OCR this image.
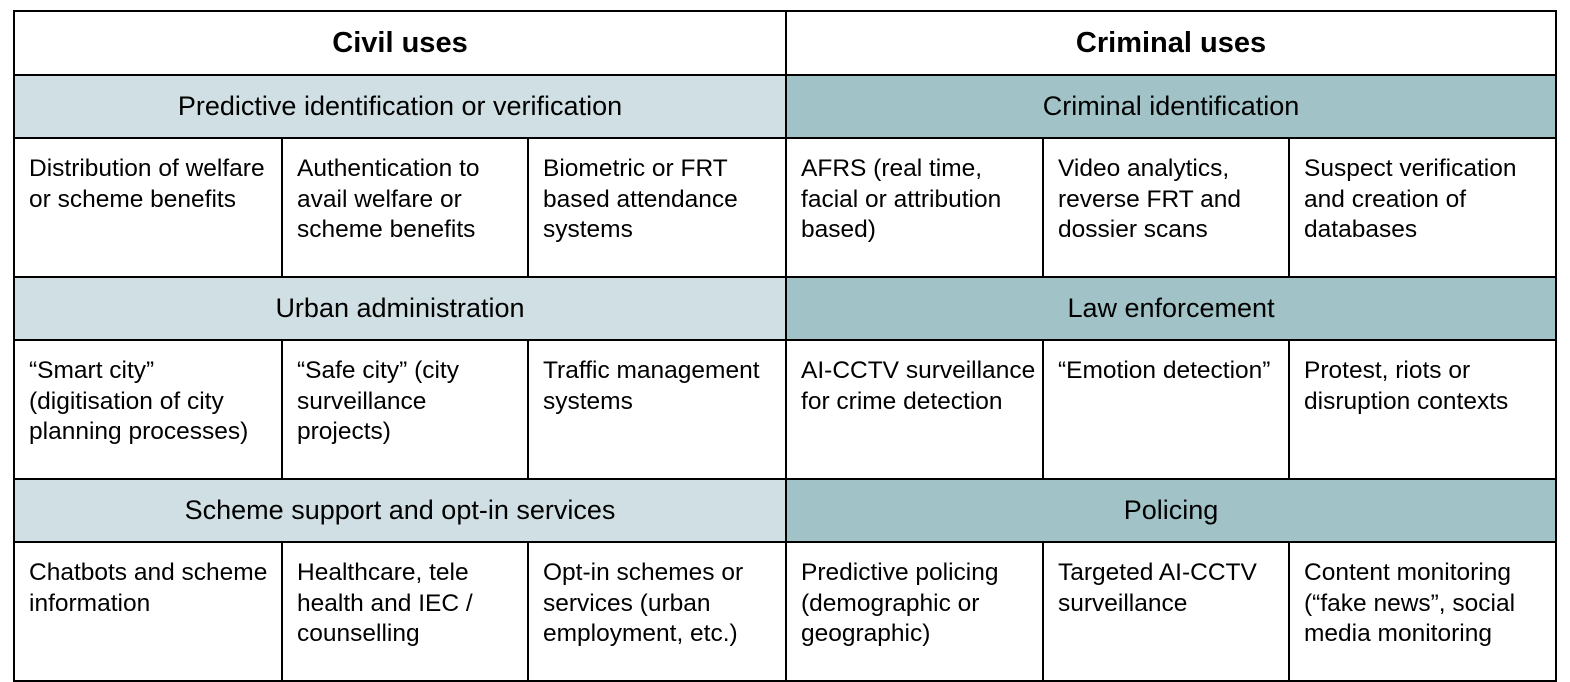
Civil uses			Criminal uses		
Predictive identification or verification			Criminal identification		
Distribution of welfare or scheme benefits	Authentication to avail welfare or scheme benefits	Biometric or FRT based attendance systems	AFRS (real time, facial or attribution based)	Video analytics, reverse FRT and dossier scans	Suspect verification and creation of databases
Urban administration			Law enforcement		
“Smart city” (digitisation of city planning processes)	“Safe city” (city surveillance projects)	Traffic management systems	AI-CCTV surveillance for crime detection	“Emotion detection”	Protest, riots or disruption contexts
Scheme support and opt-in services			Policing		
Chatbots and scheme information	Healthcare, tele health and IEC / counselling	Opt-in schemes or services (urban employment, etc.)	Predictive policing (demographic or geographic)	Targeted AI-CCTV surveillance	Content monitoring (“fake news”, social media monitoring
